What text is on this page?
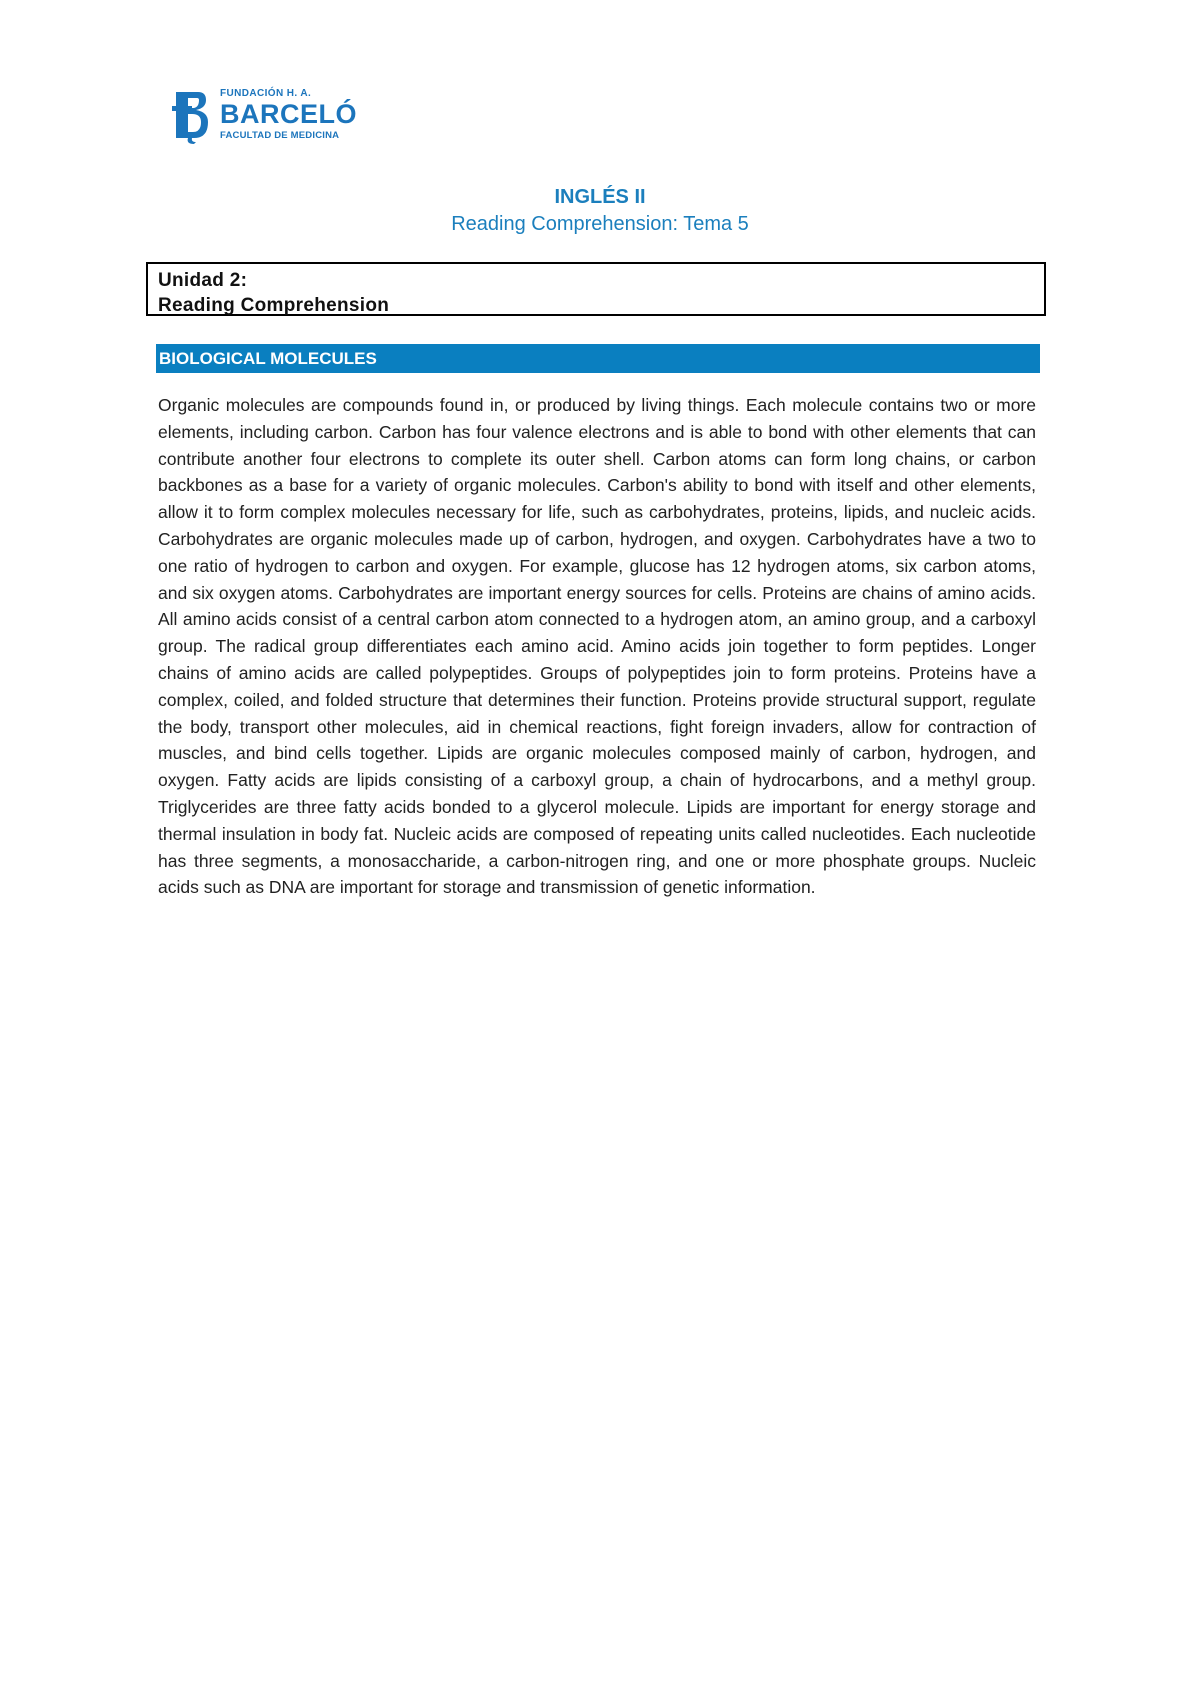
FUNDACIÓN H. A.
BARCELÓ
FACULTAD DE MEDICINA
INGLÉS II
Reading Comprehension: Tema 5
Unidad 2:
Reading Comprehension
BIOLOGICAL MOLECULES

Organic molecules are compounds found in, or produced by living things. Each molecule contains two or more elements, including carbon. Carbon has four valence electrons and is able to bond with other elements that can contribute another four electrons to complete its outer shell. Carbon atoms can form long chains, or carbon backbones as a base for a variety of organic molecules. Carbon's ability to bond with itself and other elements, allow it to form complex molecules necessary for life, such as carbohydrates, proteins, lipids, and nucleic acids. Carbohydrates are organic molecules made up of carbon, hydrogen, and oxygen. Carbohydrates have a two to one ratio of hydrogen to carbon and oxygen. For example, glucose has 12 hydrogen atoms, six carbon atoms, and six oxygen atoms. Carbohydrates are important energy sources for cells. Proteins are chains of amino acids. All amino acids consist of a central carbon atom connected to a hydrogen atom, an amino group, and a carboxyl group. The radical group differentiates each amino acid. Amino acids join together to form peptides. Longer chains of amino acids are called polypeptides. Groups of polypeptides join to form proteins. Proteins have a complex, coiled, and folded structure that determines their function. Proteins provide structural support, regulate the body, transport other molecules, aid in chemical reactions, fight foreign invaders, allow for contraction of muscles, and bind cells together. Lipids are organic molecules composed mainly of carbon, hydrogen, and oxygen. Fatty acids are lipids consisting of a carboxyl group, a chain of hydrocarbons, and a methyl group. Triglycerides are three fatty acids bonded to a glycerol molecule. Lipids are important for energy storage and thermal insulation in body fat. Nucleic acids are composed of repeating units called nucleotides. Each nucleotide has three segments, a monosaccharide, a carbon-nitrogen ring, and one or more phosphate groups. Nucleic acids such as DNA are important for storage and transmission of genetic information.
